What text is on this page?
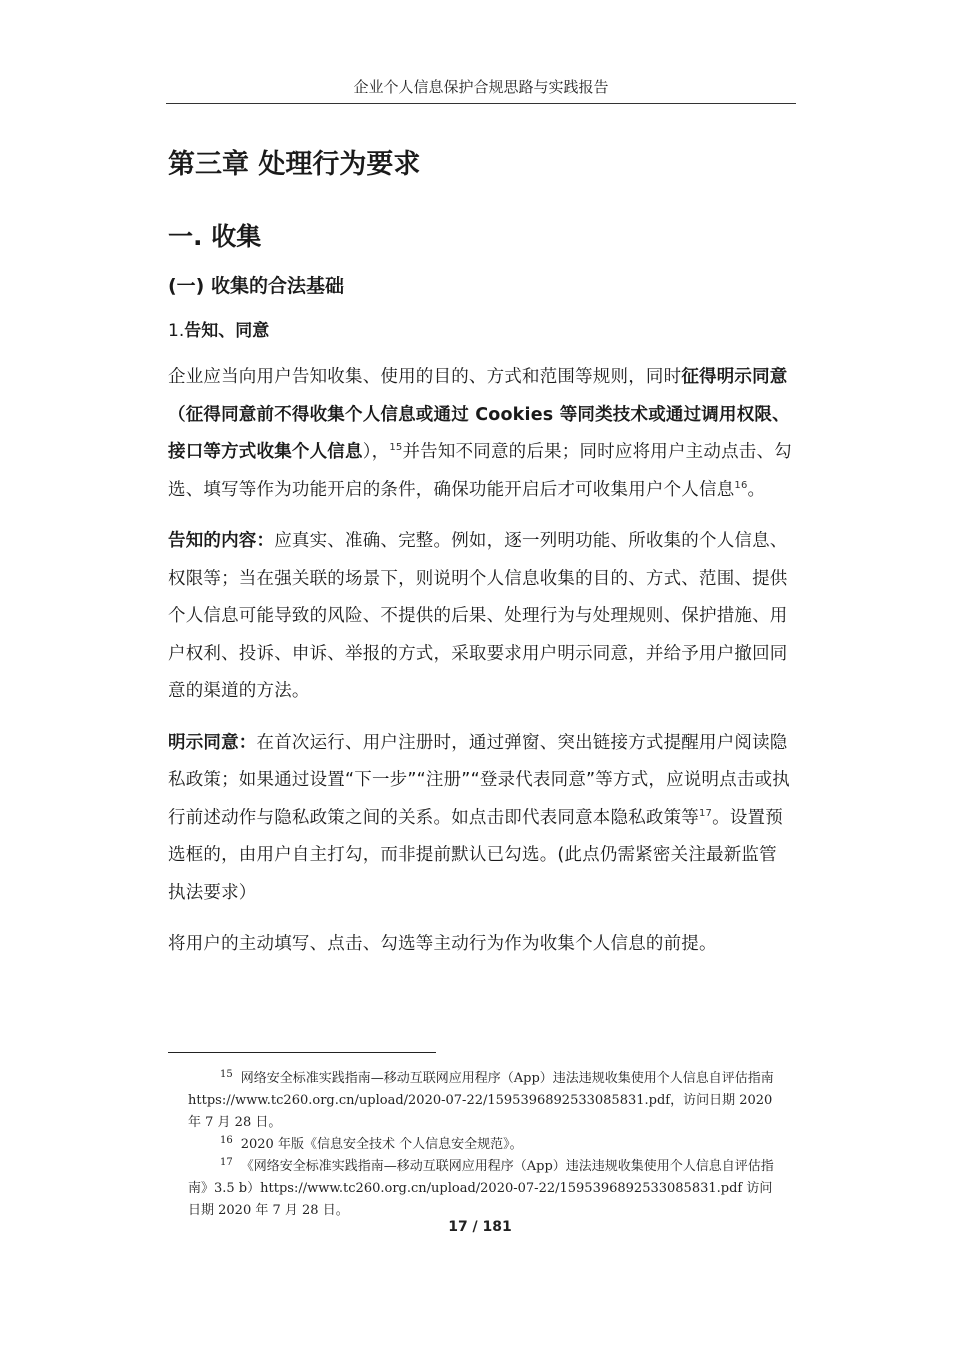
企业个人信息保护合规思路与实践报告
第三章 处理行为要求
一. 收集
(一) 收集的合法基础
1.告知、同意

企业应当向用户告知收集、使用的目的、方式和范围等规则，同时征得明示同意（征得同意前不得收集个人信息或通过 Cookies 等同类技术或通过调用权限、接口等方式收集个人信息），$^{15}$并告知不同意的后果；同时应将用户主动点击、勾选、填写等作为功能开启的条件，确保功能开启后才可收集用户个人信息$^{16}$。

告知的内容：应真实、准确、完整。例如，逐一列明功能、所收集的个人信息、权限等；当在强关联的场景下，则说明个人信息收集的目的、方式、范围、提供个人信息可能导致的风险、不提供的后果、处理行为与处理规则、保护措施、用户权利、投诉、申诉、举报的方式，采取要求用户明示同意，并给予用户撤回同意的渠道的方法。

明示同意：在首次运行、用户注册时，通过弹窗、突出链接方式提醒用户阅读隐私政策；如果通过设置“下一步”“注册”“登录代表同意”等方式，应说明点击或执行前述动作与隐私政策之间的关系。如点击即代表同意本隐私政策等$^{17}$。设置预选框的，由用户自主打勾，而非提前默认已勾选。(此点仍需紧密关注最新监管执法要求）

将用户的主动填写、点击、勾选等主动行为作为收集个人信息的前提。

$^{15}$ 网络安全标准实践指南—移动互联网应用程序（App）违法违规收集使用个人信息自评估指南 https://www.tc260.org.cn/upload/2020-07-22/1595396892533085831.pdf，访问日期 2020 年 7 月 28 日。

$^{16}$ 2020 年版《信息安全技术 个人信息安全规范》。

$^{17}$ 《网络安全标准实践指南—移动互联网应用程序（App）违法违规收集使用个人信息自评估指南》3.5 b）https://www.tc260.org.cn/upload/2020-07-22/1595396892533085831.pdf 访问日期 2020 年 7 月 28 日。

17 / 181
